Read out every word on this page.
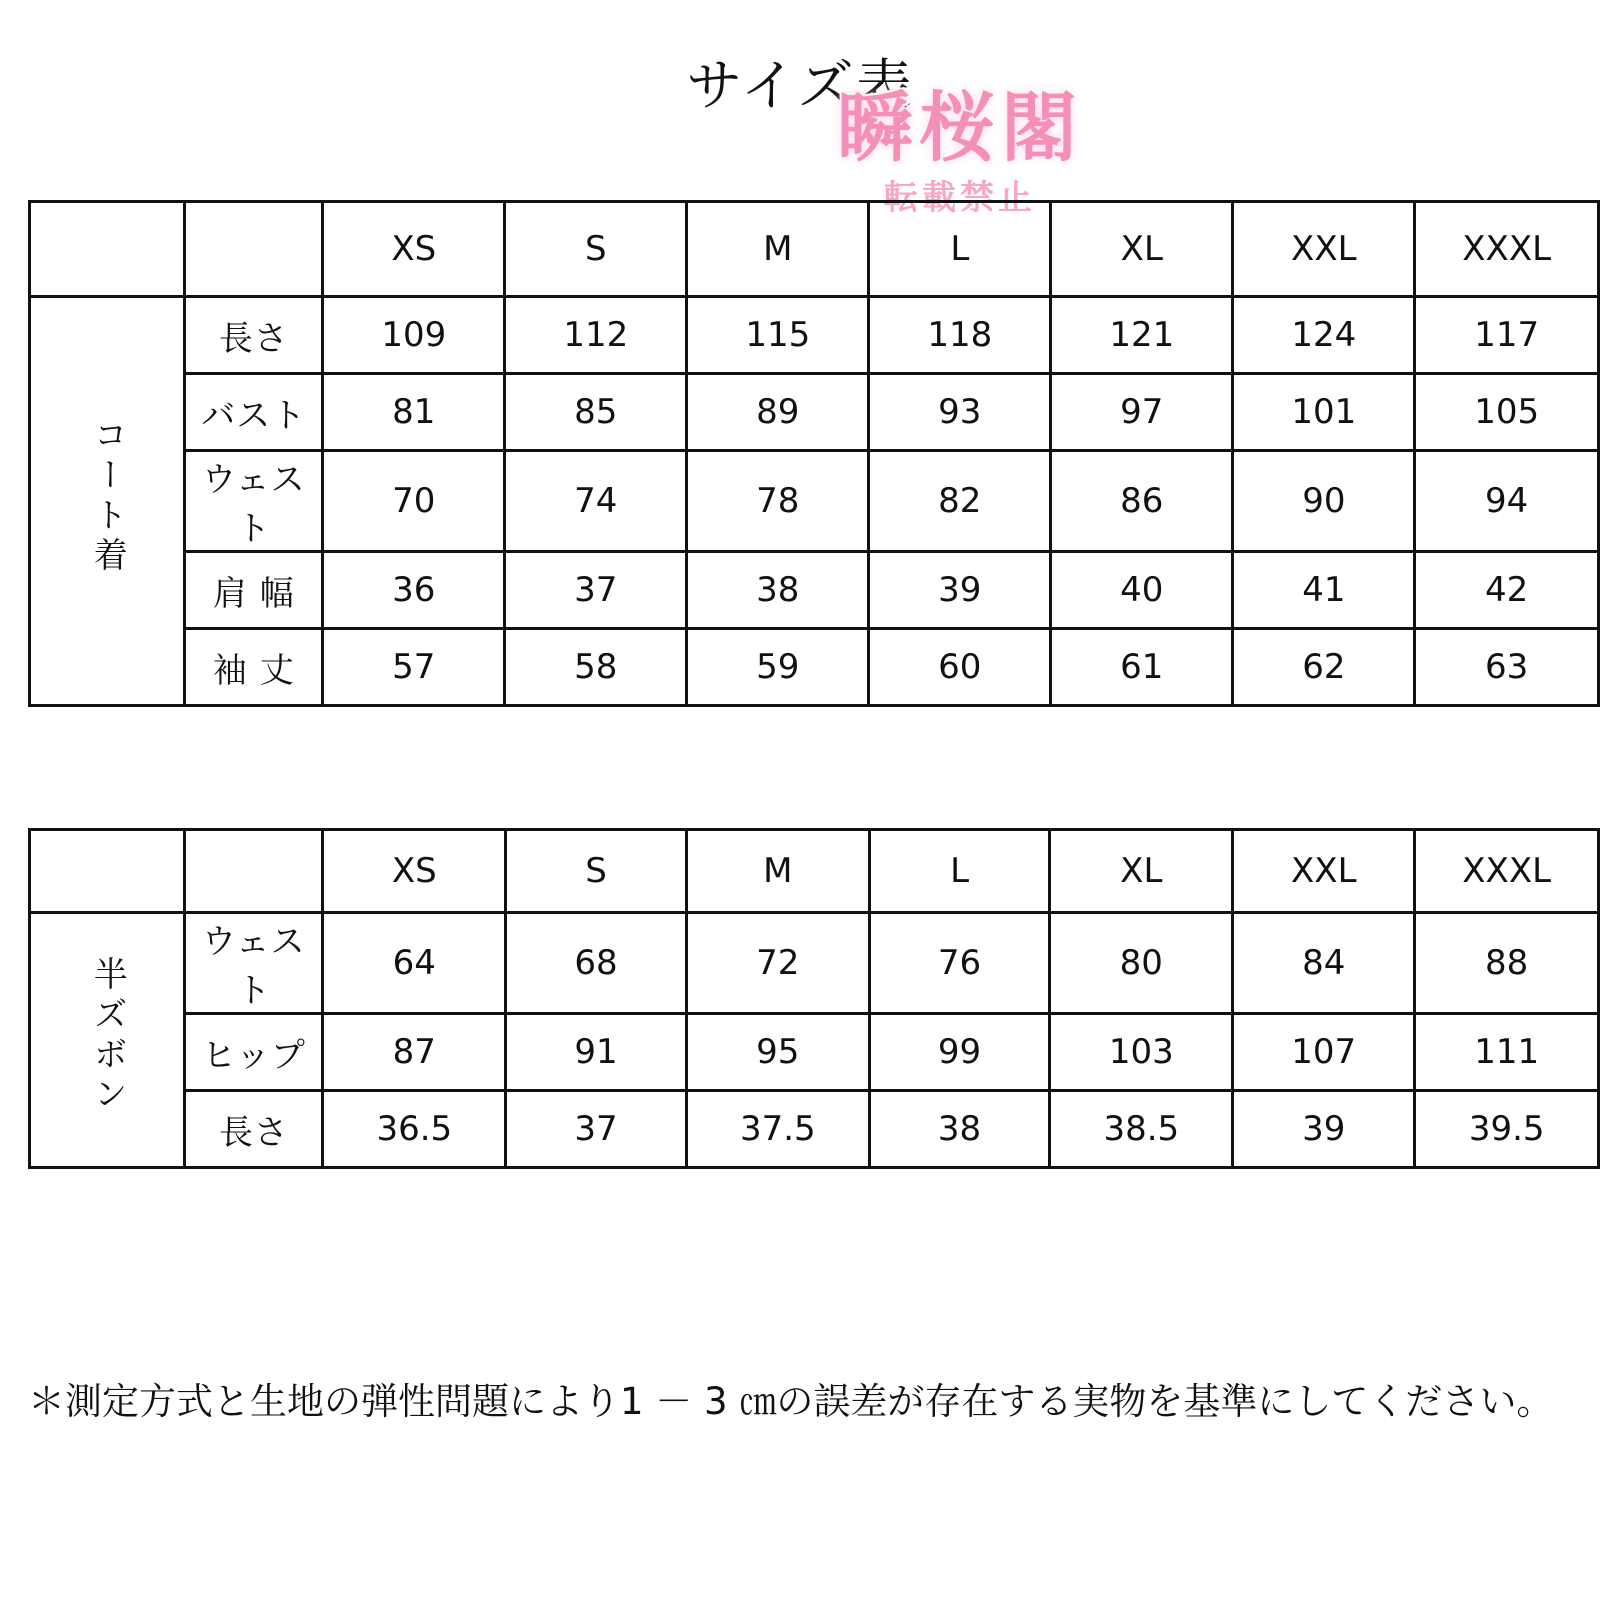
サイズ表
瞬桜閣
転載禁止
		XS	S	M	L	XL	XXL	XXXL
コート着	長さ	109	112	115	118	121	124	117
	バスト	81	85	89	93	97	101	105
	ウェスト	70	74	78	82	86	90	94
	肩 幅	36	37	38	39	40	41	42
	袖 丈	57	58	59	60	61	62	63
		XS	S	M	L	XL	XXL	XXXL
半ズボン	ウェスト	64	68	72	76	80	84	88
	ヒップ	87	91	95	99	103	107	111
	長さ	36.5	37	37.5	38	38.5	39	39.5
＊測定方式と生地の弾性問題により1 － 3 ㎝の誤差が存在する実物を基準にしてください。
